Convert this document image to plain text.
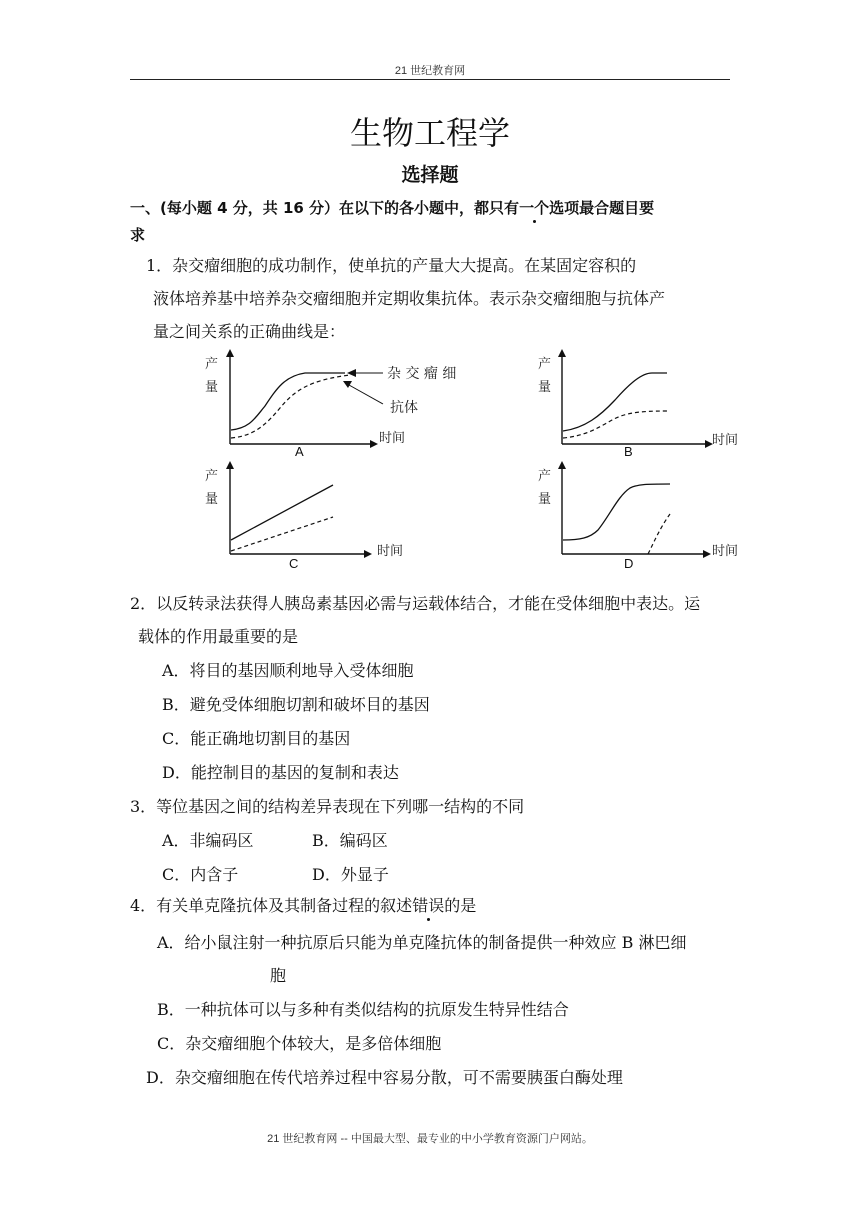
21 世纪教育网
生物工程学
选择题
一、(每小题 4 分，共 16 分）在以下的各小题中，都只有一个选项最合题目要
求
1．杂交瘤细胞的成功制作，使单抗的产量大大提高。在某固定容积的
液体培养基中培养杂交瘤细胞并定期收集抗体。表示杂交瘤细胞与抗体产
量之间关系的正确曲线是：
产
量
时间
杂 交 瘤 细
抗体
A
产
量
时间
B
产
量
时间
C
产
量
时间
D
2．以反转录法获得人胰岛素基因必需与运载体结合，才能在受体细胞中表达。运
载体的作用最重要的是
A．将目的基因顺利地导入受体细胞
B．避免受体细胞切割和破坏目的基因
C．能正确地切割目的基因
D．能控制目的基因的复制和表达
3．等位基因之间的结构差异表现在下列哪一结构的不同
A．非编码区	B．编码区
C．内含子	D．外显子
4．有关单克隆抗体及其制备过程的叙述错误的是
A．给小鼠注射一种抗原后只能为单克隆抗体的制备提供一种效应 B 淋巴细
胞
B．一种抗体可以与多种有类似结构的抗原发生特异性结合
C．杂交瘤细胞个体较大，是多倍体细胞
D．杂交瘤细胞在传代培养过程中容易分散，可不需要胰蛋白酶处理
21 世纪教育网 -- 中国最大型、最专业的中小学教育资源门户网站。
